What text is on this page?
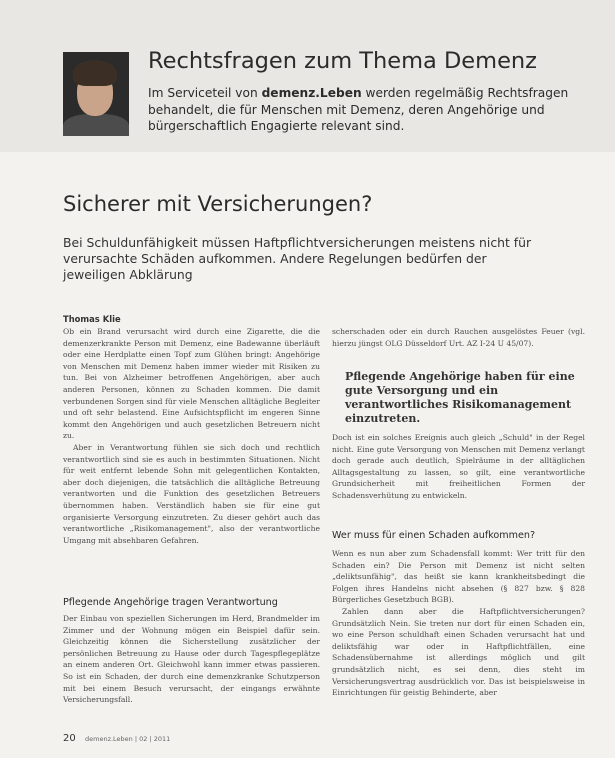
Rechtsfragen zum Thema Demenz
Im Serviceteil von demenz.Leben werden regelmäßig Rechtsfragen behandelt, die für Menschen mit Demenz, deren Angehörige und bürgerschaftlich Engagierte relevant sind.
Sicherer mit Versicherungen?
Bei Schuldunfähigkeit müssen Haftpflichtversicherungen meistens nicht für verursachte Schäden aufkommen. Andere Regelungen bedürfen der jeweiligen Abklärung
Thomas Klie

Ob ein Brand verursacht wird durch eine Zigarette, die die demenzerkrankte Person mit Demenz, eine Badewanne überläuft oder eine Herdplatte einen Topf zum Glühen bringt: Angehörige von Menschen mit Demenz haben immer wieder mit Risiken zu tun. Bei von Alzheimer betroffenen Angehörigen, aber auch anderen Personen, können zu Schaden kommen. Die damit verbundenen Sorgen sind für viele Menschen alltägliche Begleiter und oft sehr belastend. Eine Aufsichtspflicht im engeren Sinne kommt den Angehörigen und auch gesetzlichen Betreuern nicht zu.

Aber in Verantwortung fühlen sie sich doch und rechtlich verantwortlich sind sie es auch in bestimmten Situationen. Nicht für weit entfernt lebende Sohn mit gelegentlichen Kontakten, aber doch diejenigen, die tatsächlich die alltägliche Betreuung verantworten und die Funktion des gesetzlichen Betreuers übernommen haben. Verständlich haben sie für eine gut organisierte Versorgung einzutreten. Zu dieser gehört auch das verantwortliche „Risikomanagement", also der verantwortliche Umgang mit absehbaren Gefahren.

Pflegende Angehörige tragen Verantwortung

Der Einbau von speziellen Sicherungen im Herd, Brandmelder im Zimmer und der Wohnung mögen ein Beispiel dafür sein. Gleichzeitig können die Sicherstellung zusätzlicher der persönlichen Betreuung zu Hause oder durch Tagespflegeplätze an einem anderen Ort. Gleichwohl kann immer etwas passieren. So ist ein Schaden, der durch eine demenzkranke Schutzperson mit bei einem Besuch verursacht, der eingangs erwähnte Versicherungsfall.

scherschaden oder ein durch Rauchen ausgelöstes Feuer (vgl. hierzu jüngst OLG Düsseldorf Urt. AZ I-24 U 45/07).

Pflegende Angehörige haben für eine gute Versorgung und ein verantwortliches Risikomanagement einzutreten.
Doch ist ein solches Ereignis auch gleich „Schuld" in der Regel nicht. Eine gute Versorgung von Menschen mit Demenz verlangt doch gerade auch deutlich, Spielräume in der alltäglichen Alltagsgestaltung zu lassen, so gilt, eine verantwortliche Grundsicherheit mit freiheitlichen Formen der Schadensverhütung zu entwickeln.

Wer muss für einen Schaden aufkommen?

Wenn es nun aber zum Schadensfall kommt: Wer tritt für den Schaden ein? Die Person mit Demenz ist nicht selten „deliktsunfähig", das heißt sie kann krankheitsbedingt die Folgen ihres Handelns nicht absehen (§ 827 bzw. § 828 Bürgerliches Gesetzbuch BGB).

Zahlen dann aber die Haftpflichtversicherungen? Grundsätzlich Nein. Sie treten nur dort für einen Schaden ein, wo eine Person schuldhaft einen Schaden verursacht hat und deliktsfähig war oder in Haftpflichtfällen, eine Schadensübernahme ist allerdings möglich und gilt grundsätzlich nicht, es sei denn, dies steht im Versicherungsvertrag ausdrücklich vor. Das ist beispielsweise in Einrichtungen für geistig Behinderte, aber

20 demenz.Leben | 02 | 2011
